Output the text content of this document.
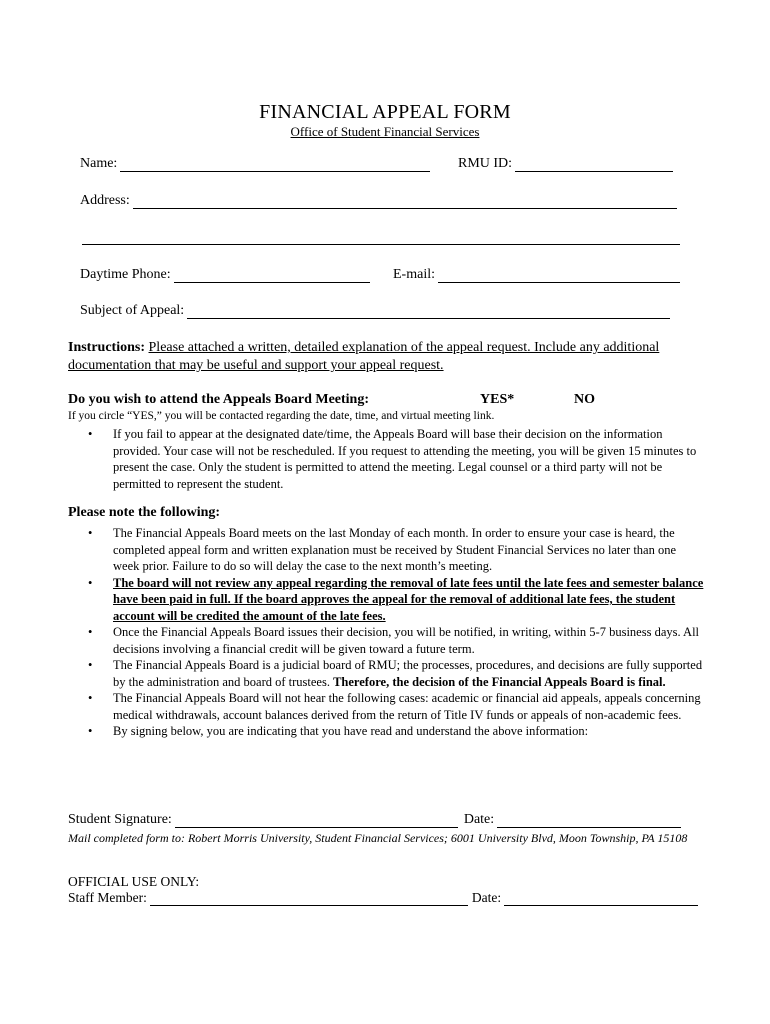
FINANCIAL APPEAL FORM
Office of Student Financial Services
Name:	RMU ID:
Address:
Daytime Phone:	E-mail:
Subject of Appeal:
Instructions: Please attached a written, detailed explanation of the appeal request. Include any additional documentation that may be useful and support your appeal request.
Do you wish to attend the Appeals Board Meeting:	YES*	NO
If you circle “YES,” you will be contacted regarding the date, time, and virtual meeting link.
• If you fail to appear at the designated date/time, the Appeals Board will base their decision on the information provided. Your case will not be rescheduled. If you request to attending the meeting, you will be given 15 minutes to present the case. Only the student is permitted to attend the meeting. Legal counsel or a third party will not be permitted to represent the student.
Please note the following:
• The Financial Appeals Board meets on the last Monday of each month. In order to ensure your case is heard, the completed appeal form and written explanation must be received by Student Financial Services no later than one week prior. Failure to do so will delay the case to the next month’s meeting.
• The board will not review any appeal regarding the removal of late fees until the late fees and semester balance have been paid in full. If the board approves the appeal for the removal of additional late fees, the student account will be credited the amount of the late fees.
• Once the Financial Appeals Board issues their decision, you will be notified, in writing, within 5-7 business days. All decisions involving a financial credit will be given toward a future term.
• The Financial Appeals Board is a judicial board of RMU; the processes, procedures, and decisions are fully supported by the administration and board of trustees. Therefore, the decision of the Financial Appeals Board is final.
• The Financial Appeals Board will not hear the following cases: academic or financial aid appeals, appeals concerning medical withdrawals, account balances derived from the return of Title IV funds or appeals of non-academic fees.
• By signing below, you are indicating that you have read and understand the above information:
Student Signature:	Date:
Mail completed form to: Robert Morris University, Student Financial Services; 6001 University Blvd, Moon Township, PA 15108
OFFICIAL USE ONLY:
Staff Member:	Date:
